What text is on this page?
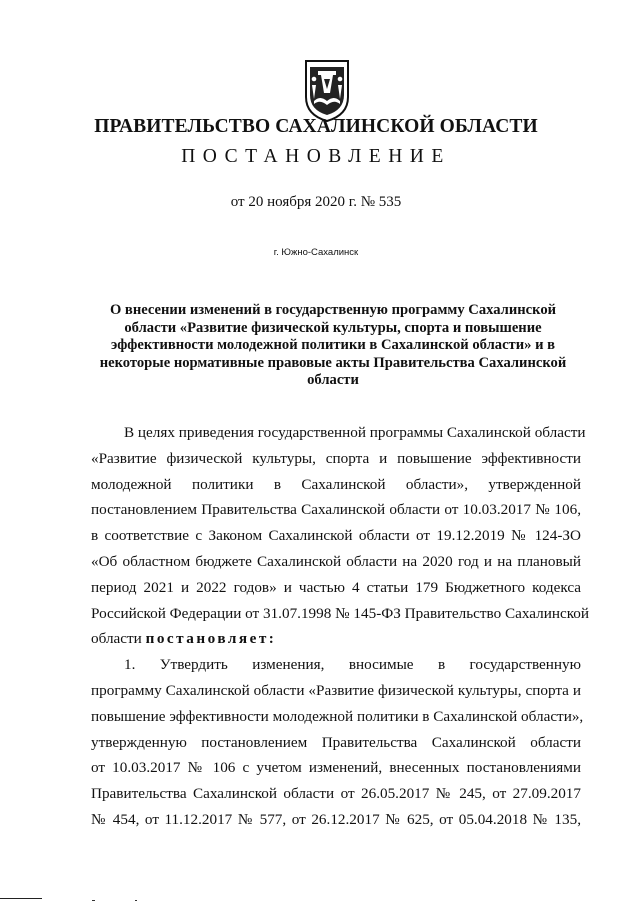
ПРАВИТЕЛЬСТВО САХАЛИНСКОЙ ОБЛАСТИ
ПОСТАНОВЛЕНИЕ
от 20 ноября 2020 г. № 535
г. Южно-Сахалинск
О внесении изменений в государственную программу Сахалинской
области «Развитие физической культуры, спорта и повышение
эффективности молодежной политики в Сахалинской области» и в
некоторые нормативные правовые акты Правительства Сахалинской
области
В целях приведения государственной программы Сахалинской области
«Развитие физической культуры, спорта и повышение эффективности
молодежной политики в Сахалинской области», утвержденной
постановлением Правительства Сахалинской области от 10.03.2017 № 106,
в соответствие с Законом Сахалинской области от 19.12.2019 № 124-ЗО
«Об областном бюджете Сахалинской области на 2020 год и на плановый
период 2021 и 2022 годов» и частью 4 статьи 179 Бюджетного кодекса
Российской Федерации от 31.07.1998 № 145-ФЗ Правительство Сахалинской
области постановляет:
1. Утвердить изменения, вносимые в государственную
программу Сахалинской области «Развитие физической культуры, спорта и
повышение эффективности молодежной политики в Сахалинской области»,
утвержденную постановлением Правительства Сахалинской области
от 10.03.2017 № 106 с учетом изменений, внесенных постановлениями
Правительства Сахалинской области от 26.05.2017 № 245, от 27.09.2017
№ 454, от 11.12.2017 № 577, от 26.12.2017 № 625, от 05.04.2018 № 135,
